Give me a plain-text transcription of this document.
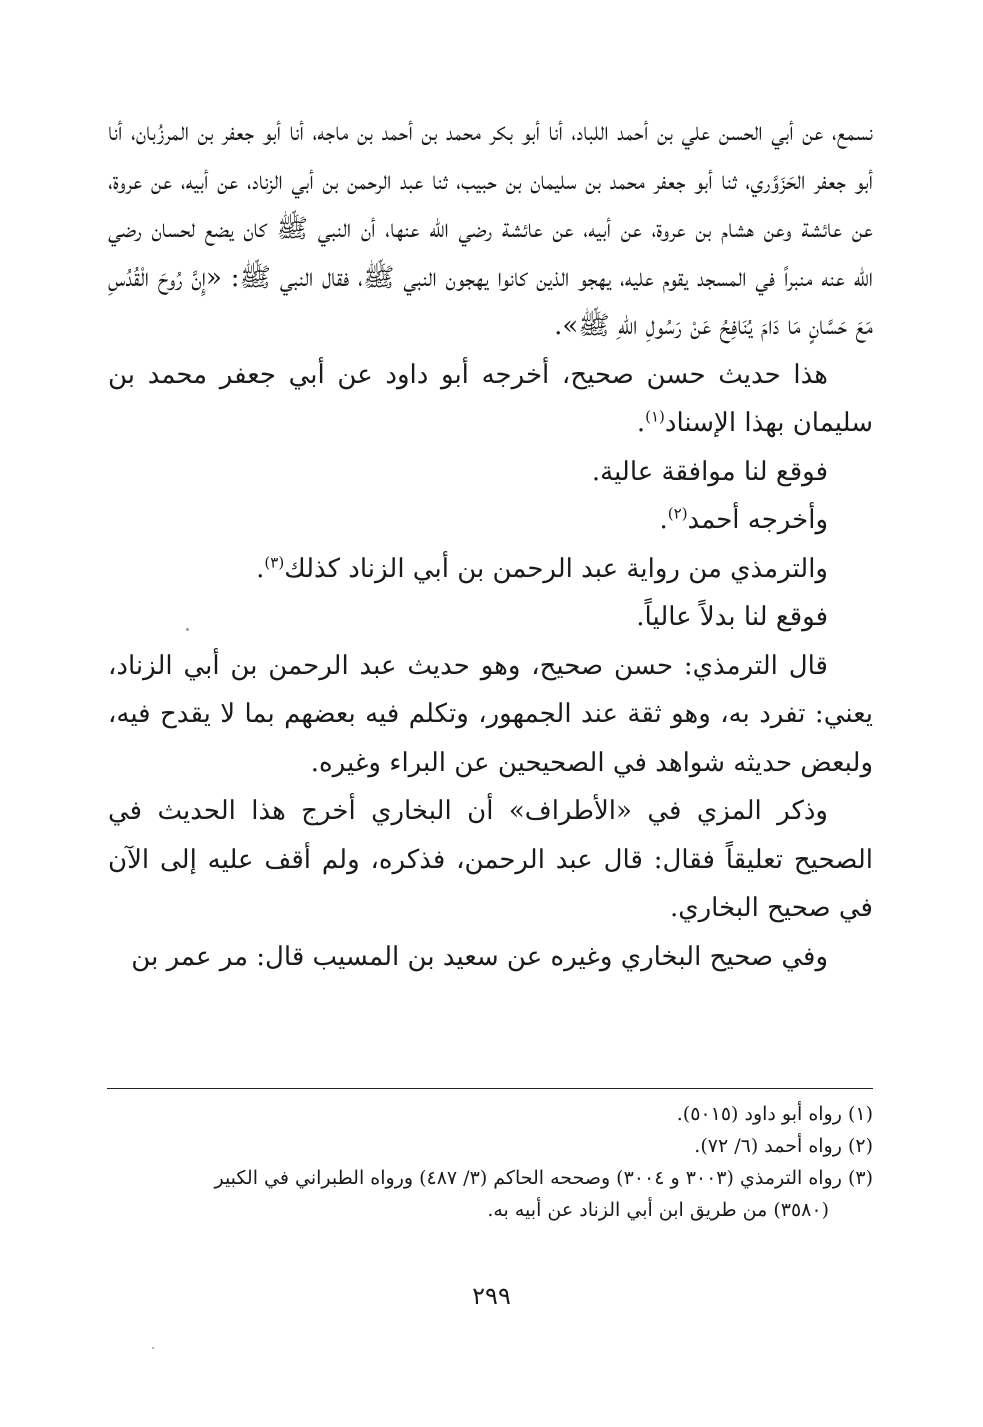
نسمع، عن أبي الحسن علي بن أحمد اللباد، أنا أبو بكر محمد بن أحمد بن ماجه، أنا أبو جعفر بن المرزُبان، أنا أبو جعفر الحَزَوَّري، ثنا أبو جعفر محمد بن سليمان بن حبيب، ثنا عبد الرحمن بن أبي الزناد، عن أبيه، عن عروة، عن عائشة وعن هشام بن عروة، عن أبيه، عن عائشة رضي الله عنها، أن النبي ﷺ كان يضع لحسان رضي الله عنه منبراً في المسجد يقوم عليه، يهجو الذين كانوا يهجون النبي ﷺ، فقال النبي ﷺ: «إِنَّ رُوحَ الْقُدُسِ مَعَ حَسَّانٍ مَا دَامَ يُنَافِحُ عَنْ رَسُولِ اللهِ ﷺ».

هذا حديث حسن صحيح، أخرجه أبو داود عن أبي جعفر محمد بن سليمان بهذا الإسناد$^{(١)}$.

فوقع لنا موافقة عالية.

وأخرجه أحمد$^{(٢)}$.

والترمذي من رواية عبد الرحمن بن أبي الزناد كذلك$^{(٣)}$.

فوقع لنا بدلاً عالياً.

قال الترمذي: حسن صحيح، وهو حديث عبد الرحمن بن أبي الزناد، يعني: تفرد به، وهو ثقة عند الجمهور، وتكلم فيه بعضهم بما لا يقدح فيه، ولبعض حديثه شواهد في الصحيحين عن البراء وغيره.

وذكر المزي في «الأطراف» أن البخاري أخرج هذا الحديث في الصحيح تعليقاً فقال: قال عبد الرحمن، فذكره، ولم أقف عليه إلى الآن في صحيح البخاري.

وفي صحيح البخاري وغيره عن سعيد بن المسيب قال: مر عمر بن

(١) رواه أبو داود (٥٠١٥).

(٢) رواه أحمد (٦/ ٧٢).

(٣) رواه الترمذي (٣٠٠٣ و ٣٠٠٤) وصححه الحاكم (٣/ ٤٨٧) ورواه الطبراني في الكبير

(٣٥٨٠) من طريق ابن أبي الزناد عن أبيه به.

٢٩٩
